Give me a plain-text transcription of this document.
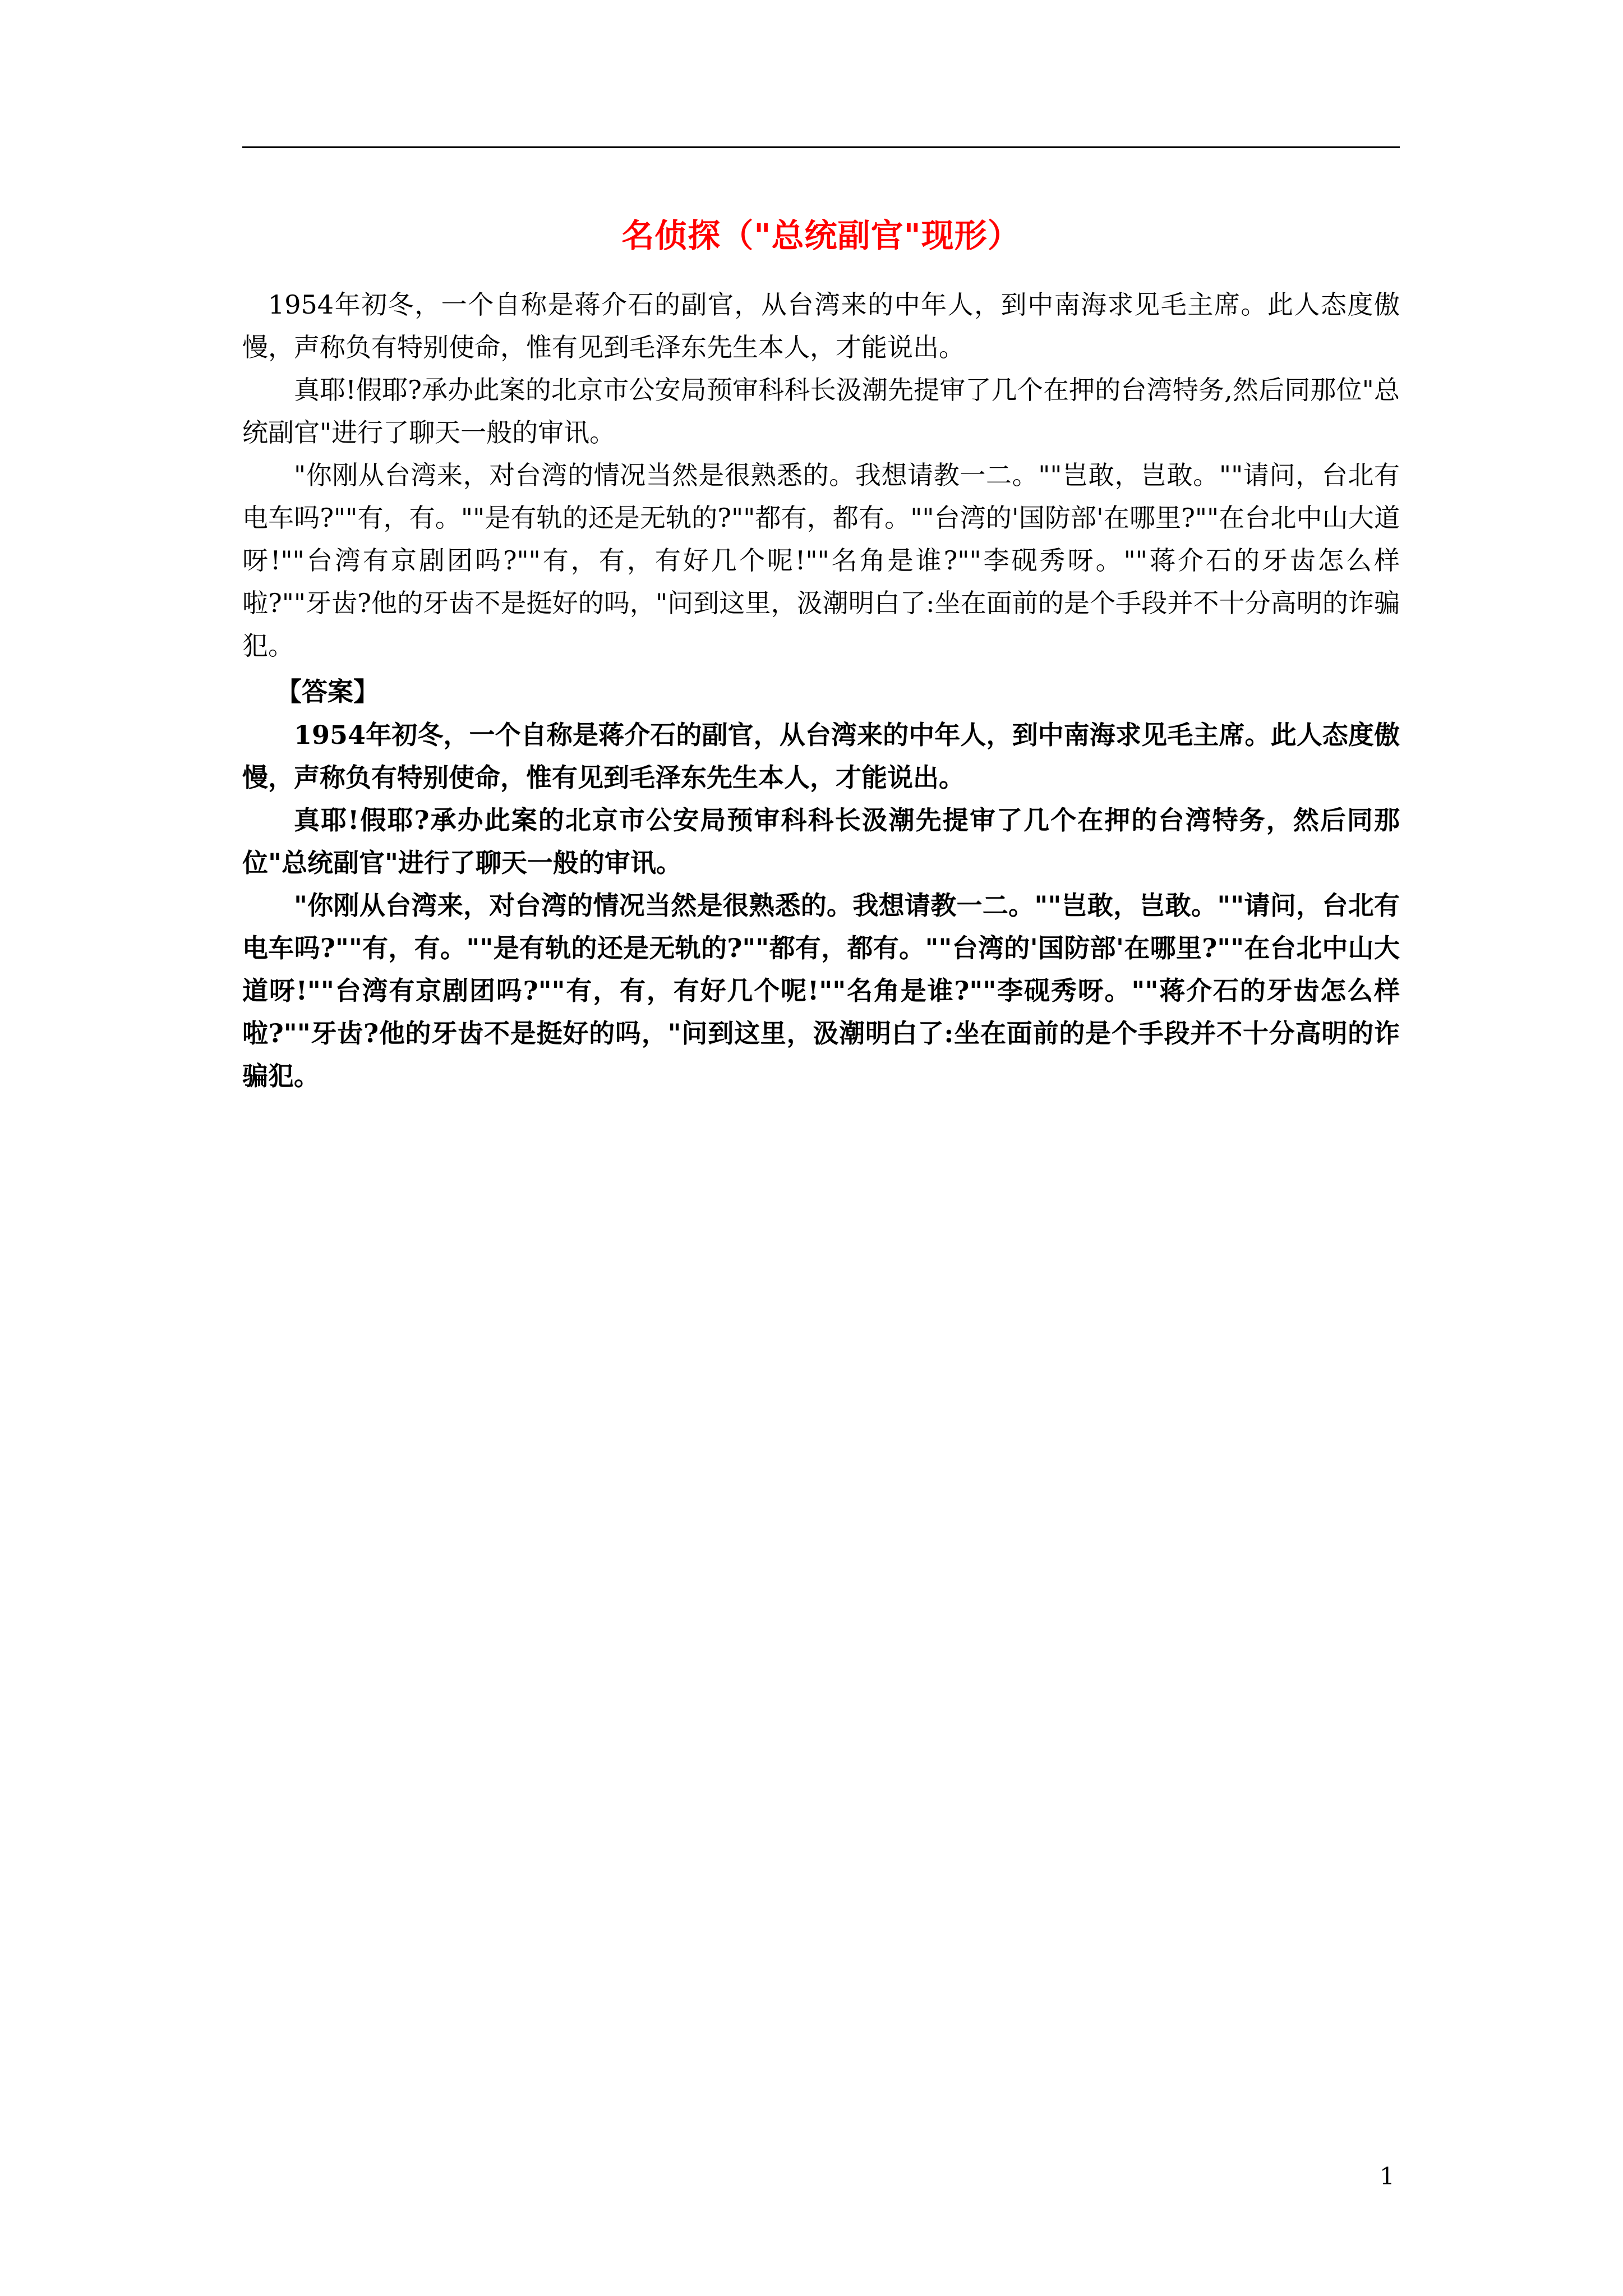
名侦探（"总统副官"现形）

1954年初冬，一个自称是蒋介石的副官，从台湾来的中年人，到中南海求见毛主席。此人态度傲慢，声称负有特别使命，惟有见到毛泽东先生本人，才能说出。

真耶!假耶?承办此案的北京市公安局预审科科长汲潮先提审了几个在押的台湾特务,然后同那位"总统副官"进行了聊天一般的审讯。

"你刚从台湾来，对台湾的情况当然是很熟悉的。我想请教一二。""岂敢，岂敢。""请问，台北有电车吗?""有，有。""是有轨的还是无轨的?""都有，都有。""台湾的'国防部'在哪里?""在台北中山大道呀!""台湾有京剧团吗?""有，有，有好几个呢!""名角是谁?""李砚秀呀。""蒋介石的牙齿怎么样啦?""牙齿?他的牙齿不是挺好的吗，"问到这里，汲潮明白了:坐在面前的是个手段并不十分高明的诈骗犯。

【答案】

1954年初冬，一个自称是蒋介石的副官，从台湾来的中年人，到中南海求见毛主席。此人态度傲慢，声称负有特别使命，惟有见到毛泽东先生本人，才能说出。

真耶!假耶?承办此案的北京市公安局预审科科长汲潮先提审了几个在押的台湾特务，然后同那位"总统副官"进行了聊天一般的审讯。

"你刚从台湾来，对台湾的情况当然是很熟悉的。我想请教一二。""岂敢，岂敢。""请问，台北有电车吗?""有，有。""是有轨的还是无轨的?""都有，都有。""台湾的'国防部'在哪里?""在台北中山大道呀!""台湾有京剧团吗?""有，有，有好几个呢!""名角是谁?""李砚秀呀。""蒋介石的牙齿怎么样啦?""牙齿?他的牙齿不是挺好的吗，"问到这里，汲潮明白了:坐在面前的是个手段并不十分高明的诈骗犯。

1
